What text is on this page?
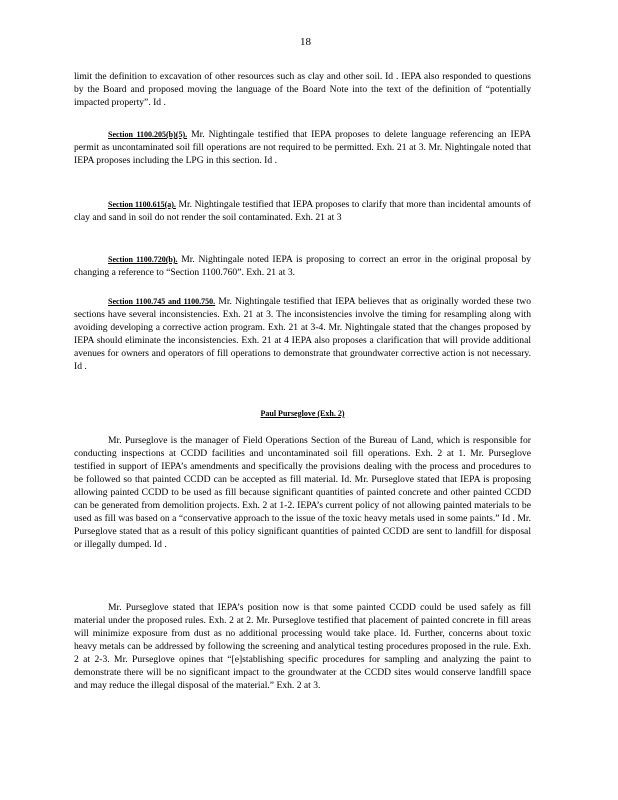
18

limit the definition to excavation of other resources such as clay and other soil. Id . IEPA also responded to questions by the Board and proposed moving the language of the Board Note into the text of the definition of “potentially impacted property”. Id .

Section 1100.205(b)(5). Mr. Nightingale testified that IEPA proposes to delete language referencing an IEPA permit as uncontaminated soil fill operations are not required to be permitted. Exh. 21 at 3. Mr. Nightingale noted that IEPA proposes including the LPG in this section. Id .

Section 1100.615(a). Mr. Nightingale testified that IEPA proposes to clarify that more than incidental amounts of clay and sand in soil do not render the soil contaminated. Exh. 21 at 3

Section 1100.720(b). Mr. Nightingale noted IEPA is proposing to correct an error in the original proposal by changing a reference to “Section 1100.760”. Exh. 21 at 3.

Section 1100.745 and 1100.750. Mr. Nightingale testified that IEPA believes that as originally worded these two sections have several inconsistencies. Exh. 21 at 3. The inconsistencies involve the timing for resampling along with avoiding developing a corrective action program. Exh. 21 at 3-4. Mr. Nightingale stated that the changes proposed by IEPA should eliminate the inconsistencies. Exh. 21 at 4 IEPA also proposes a clarification that will provide additional avenues for owners and operators of fill operations to demonstrate that groundwater corrective action is not necessary. Id .

Paul Purseglove (Exh. 2)

Mr. Purseglove is the manager of Field Operations Section of the Bureau of Land, which is responsible for conducting inspections at CCDD facilities and uncontaminated soil fill operations. Exh. 2 at 1. Mr. Purseglove testified in support of IEPA’s amendments and specifically the provisions dealing with the process and procedures to be followed so that painted CCDD can be accepted as fill material. Id. Mr. Purseglove stated that IEPA is proposing allowing painted CCDD to be used as fill because significant quantities of painted concrete and other painted CCDD can be generated from demolition projects. Exh. 2 at 1-2. IEPA’s current policy of not allowing painted materials to be used as fill was based on a “conservative approach to the issue of the toxic heavy metals used in some paints.” Id . Mr. Purseglove stated that as a result of this policy significant quantities of painted CCDD are sent to landfill for disposal or illegally dumped. Id .

Mr. Purseglove stated that IEPA’s position now is that some painted CCDD could be used safely as fill material under the proposed rules. Exh. 2 at 2. Mr. Purseglove testified that placement of painted concrete in fill areas will minimize exposure from dust as no additional processing would take place. Id. Further, concerns about toxic heavy metals can be addressed by following the screening and analytical testing procedures proposed in the rule. Exh. 2 at 2-3. Mr. Purseglove opines that “[e]stablishing specific procedures for sampling and analyzing the paint to demonstrate there will be no significant impact to the groundwater at the CCDD sites would conserve landfill space and may reduce the illegal disposal of the material.” Exh. 2 at 3.
